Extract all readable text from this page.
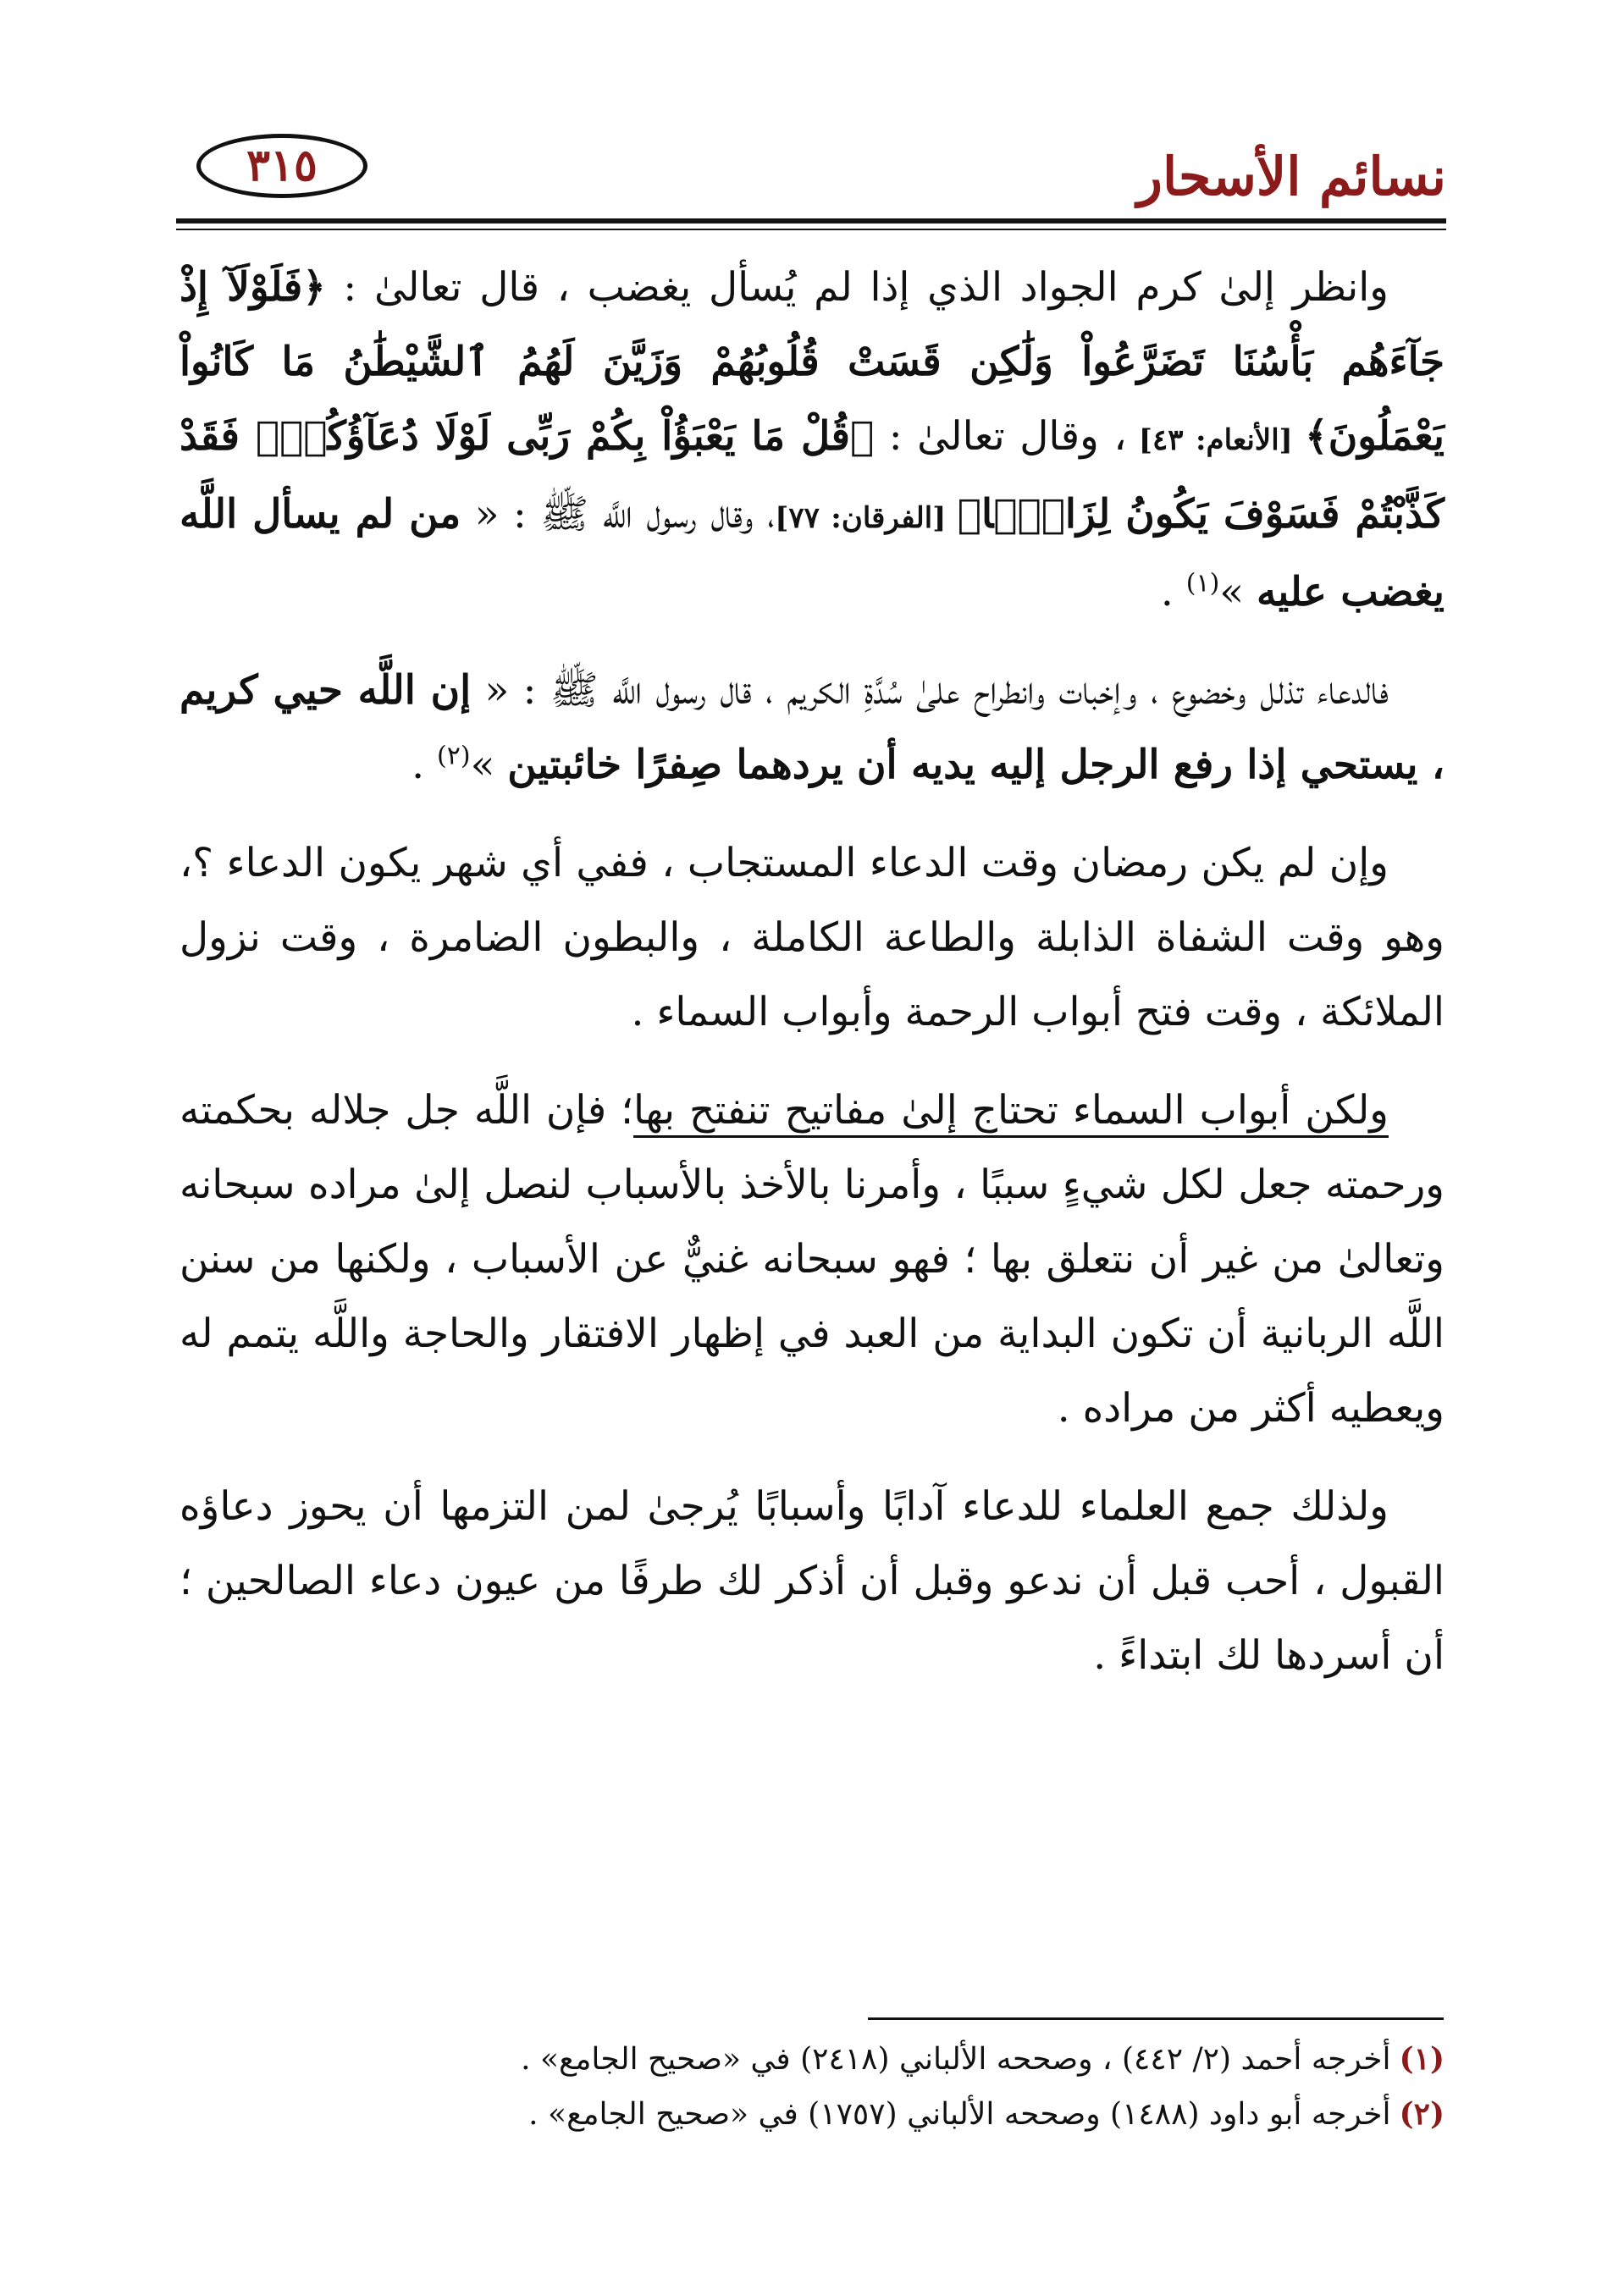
نسائم الأسحار
٣١٥

وانظر إلىٰ كرم الجواد الذي إذا لم يُسأل يغضب ، قال تعالىٰ : ﴿فَلَوْلَآ إِذْ جَآءَهُم بَأْسُنَا تَضَرَّعُواْ وَلَٰكِن قَسَتْ قُلُوبُهُمْ وَزَيَّنَ لَهُمُ ٱلشَّيْطَٰنُ مَا كَانُواْ يَعْمَلُونَ﴾ [الأنعام: ٤٣] ، وقال تعالىٰ : ﴿قُلْ مَا يَعْبَؤُاْ بِكُمْ رَبِّى لَوْلَا دُعَآؤُكُمْۖ فَقَدْ كَذَّبْتُمْ فَسَوْفَ يَكُونُ لِزَامَۢا﴾ [الفرقان: ٧٧]، وقال رسول اللَّه ﷺ : « من لم يسأل اللَّه يغضب عليه »$^{(١)}$ .

فالدعاء تذلل وخضوع ، وإخبات وانطراح علىٰ سُدَّةِ الكريم ، قال رسول اللَّه ﷺ : « إن اللَّه حيي كريم ، يستحي إذا رفع الرجل إليه يديه أن يردهما صِفرًا خائبتين »$^{(٢)}$ .

وإن لم يكن رمضان وقت الدعاء المستجاب ، ففي أي شهر يكون الدعاء ؟، وهو وقت الشفاة الذابلة والطاعة الكاملة ، والبطون الضامرة ، وقت نزول الملائكة ، وقت فتح أبواب الرحمة وأبواب السماء .

ولكن أبواب السماء تحتاج إلىٰ مفاتيح تنفتح بها؛ فإن اللَّه جل جلاله بحكمته ورحمته جعل لكل شيءٍ سببًا ، وأمرنا بالأخذ بالأسباب لنصل إلىٰ مراده سبحانه وتعالىٰ من غير أن نتعلق بها ؛ فهو سبحانه غنيٌّ عن الأسباب ، ولكنها من سنن اللَّه الربانية أن تكون البداية من العبد في إظهار الافتقار والحاجة واللَّه يتمم له ويعطيه أكثر من مراده .

ولذلك جمع العلماء للدعاء آدابًا وأسبابًا يُرجىٰ لمن التزمها أن يحوز دعاؤه القبول ، أحب قبل أن ندعو وقبل أن أذكر لك طرفًا من عيون دعاء الصالحين ؛ أن أسردها لك ابتداءً .

(١)أخرجه أحمد (٢/ ٤٤٢) ، وصححه الألباني (٢٤١٨) في «صحيح الجامع» .

(٢)أخرجه أبو داود (١٤٨٨) وصححه الألباني (١٧٥٧) في «صحيح الجامع» .
